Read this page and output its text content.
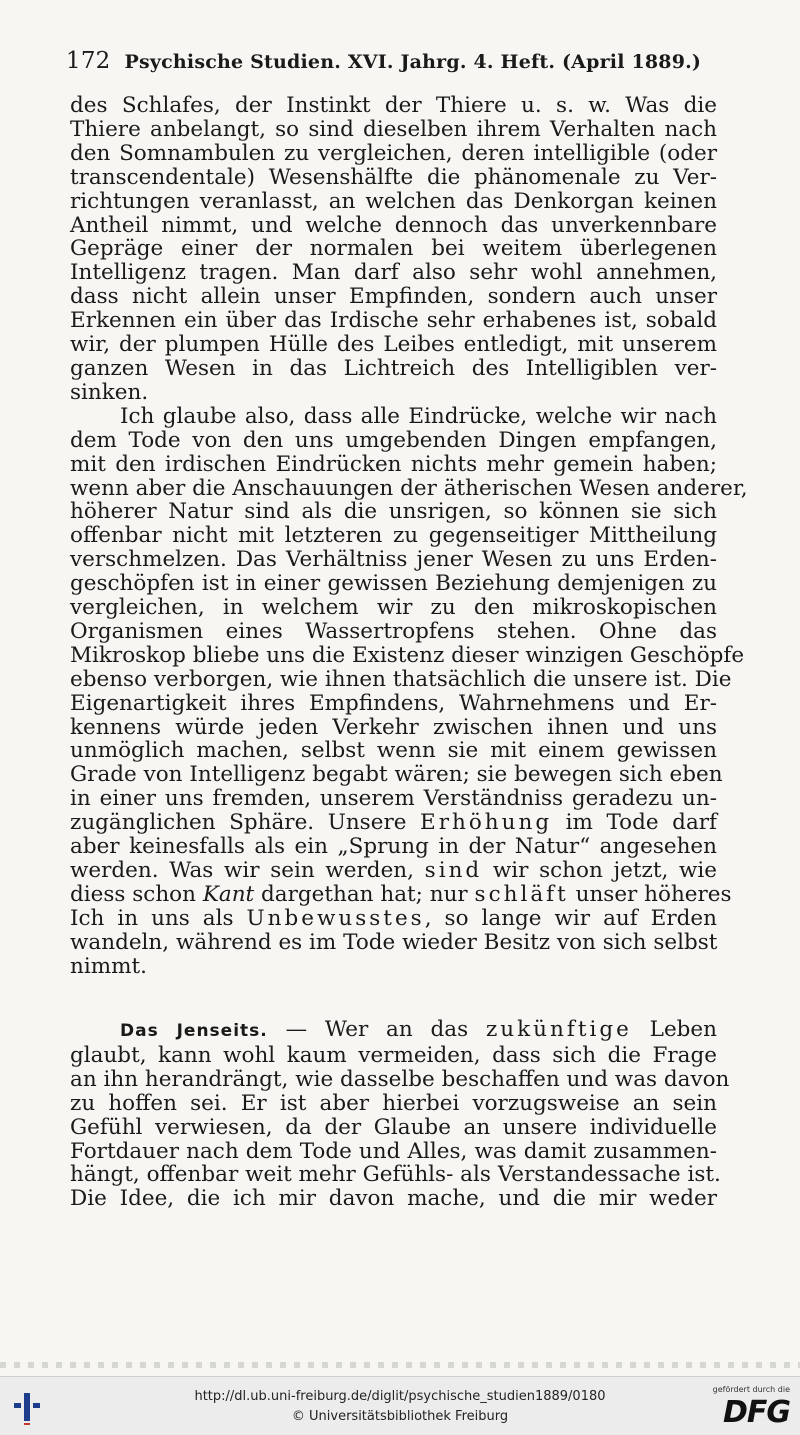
172 Psychische Studien. XVI. Jahrg. 4. Heft. (April 1889.)

des Schlafes, der Instinkt der Thiere u. s. w. Was die
Thiere anbelangt, so sind dieselben ihrem Verhalten nach
den Somnambulen zu vergleichen, deren intelligible (oder
transcendentale) Wesenshälfte die phänomenale zu Ver-
richtungen veranlasst, an welchen das Denkorgan keinen
Antheil nimmt, und welche dennoch das unverkennbare
Gepräge einer der normalen bei weitem überlegenen
Intelligenz tragen. Man darf also sehr wohl annehmen,
dass nicht allein unser Empfinden, sondern auch unser
Erkennen ein über das Irdische sehr erhabenes ist, sobald
wir, der plumpen Hülle des Leibes entledigt, mit unserem
ganzen Wesen in das Lichtreich des Intelligiblen ver-
sinken.

Ich glaube also, dass alle Eindrücke, welche wir nach
dem Tode von den uns umgebenden Dingen empfangen,
mit den irdischen Eindrücken nichts mehr gemein haben;
wenn aber die Anschauungen der ätherischen Wesen anderer,
höherer Natur sind als die unsrigen, so können sie sich
offenbar nicht mit letzteren zu gegenseitiger Mittheilung
verschmelzen. Das Verhältniss jener Wesen zu uns Erden-
geschöpfen ist in einer gewissen Beziehung demjenigen zu
vergleichen, in welchem wir zu den mikroskopischen
Organismen eines Wassertropfens stehen. Ohne das
Mikroskop bliebe uns die Existenz dieser winzigen Geschöpfe
ebenso verborgen, wie ihnen thatsächlich die unsere ist. Die
Eigenartigkeit ihres Empfindens, Wahrnehmens und Er-
kennens würde jeden Verkehr zwischen ihnen und uns
unmöglich machen, selbst wenn sie mit einem gewissen
Grade von Intelligenz begabt wären; sie bewegen sich eben
in einer uns fremden, unserem Verständniss geradezu un-
zugänglichen Sphäre. Unsere Erhöhung im Tode darf
aber keinesfalls als ein „Sprung in der Natur“ angesehen
werden. Was wir sein werden, sind wir schon jetzt, wie
diess schon Kant dargethan hat; nur schläft unser höheres
Ich in uns als Unbewusstes, so lange wir auf Erden
wandeln, während es im Tode wieder Besitz von sich selbst
nimmt.

Das Jenseits. — Wer an das zukünftige Leben
glaubt, kann wohl kaum vermeiden, dass sich die Frage
an ihn herandrängt, wie dasselbe beschaffen und was davon
zu hoffen sei. Er ist aber hierbei vorzugsweise an sein
Gefühl verwiesen, da der Glaube an unsere individuelle
Fortdauer nach dem Tode und Alles, was damit zusammen-
hängt, offenbar weit mehr Gefühls- als Verstandessache ist.
Die Idee, die ich mir davon mache, und die mir weder

http://dl.ub.uni-freiburg.de/diglit/psychische_studien1889/0180
© Universitätsbibliothek Freiburg
gefördert durch die
DFG
